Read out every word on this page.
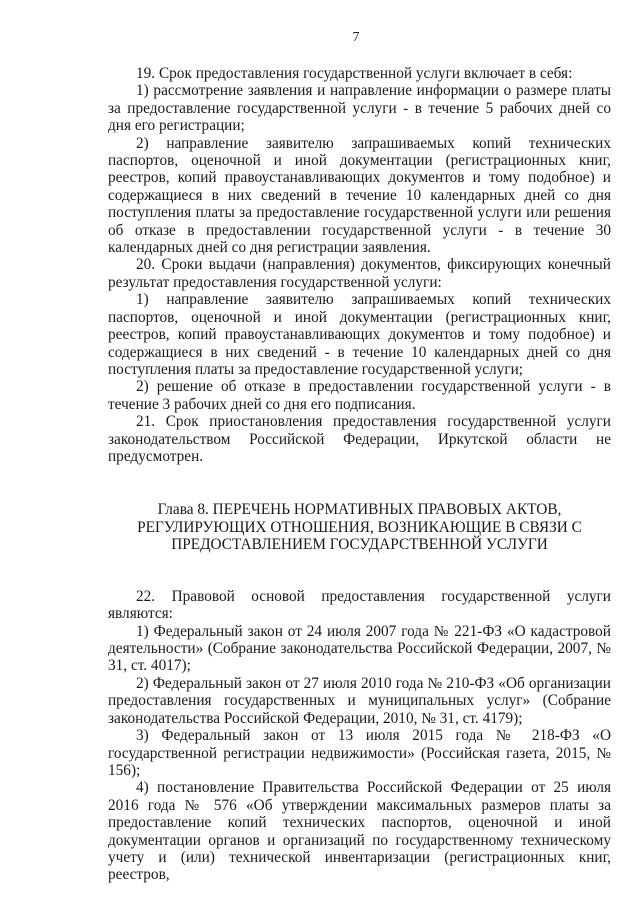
7

19. Срок предоставления государственной услуги включает в себя:

1) рассмотрение заявления и направление информации о размере платы за предоставление государственной услуги - в течение 5 рабочих дней со дня его регистрации;

2) направление заявителю запрашиваемых копий технических паспортов, оценочной и иной документации (регистрационных книг, реестров, копий правоустанавливающих документов и тому подобное) и содержащиеся в них сведений в течение 10 календарных дней со дня поступления платы за предоставление государственной услуги или решения об отказе в предоставлении государственной услуги - в течение 30 календарных дней со дня регистрации заявления.

20. Сроки выдачи (направления) документов, фиксирующих конечный результат предоставления государственной услуги:

1) направление заявителю запрашиваемых копий технических паспортов, оценочной и иной документации (регистрационных книг, реестров, копий правоустанавливающих документов и тому подобное) и содержащиеся в них сведений - в течение 10 календарных дней со дня поступления платы за предоставление государственной услуги;

2) решение об отказе в предоставлении государственной услуги - в течение 3 рабочих дней со дня его подписания.

21. Срок приостановления предоставления государственной услуги законодательством Российской Федерации, Иркутской области не предусмотрен.

Глава 8. ПЕРЕЧЕНЬ НОРМАТИВНЫХ ПРАВОВЫХ АКТОВ, РЕГУЛИРУЮЩИХ ОТНОШЕНИЯ, ВОЗНИКАЮЩИЕ В СВЯЗИ С ПРЕДОСТАВЛЕНИЕМ ГОСУДАРСТВЕННОЙ УСЛУГИ

22. Правовой основой предоставления государственной услуги являются:

1) Федеральный закон от 24 июля 2007 года № 221-ФЗ «О кадастровой деятельности» (Собрание законодательства Российской Федерации, 2007, № 31, ст. 4017);

2) Федеральный закон от 27 июля 2010 года № 210-ФЗ «Об организации предоставления государственных и муниципальных услуг» (Собрание законодательства Российской Федерации, 2010, № 31, ст. 4179);

3) Федеральный закон от 13 июля 2015 года № 218-ФЗ «О государственной регистрации недвижимости» (Российская газета, 2015, № 156);

4) постановление Правительства Российской Федерации от 25 июля 2016 года № 576 «Об утверждении максимальных размеров платы за предоставление копий технических паспортов, оценочной и иной документации органов и организаций по государственному техническому учету и (или) технической инвентаризации (регистрационных книг, реестров,
